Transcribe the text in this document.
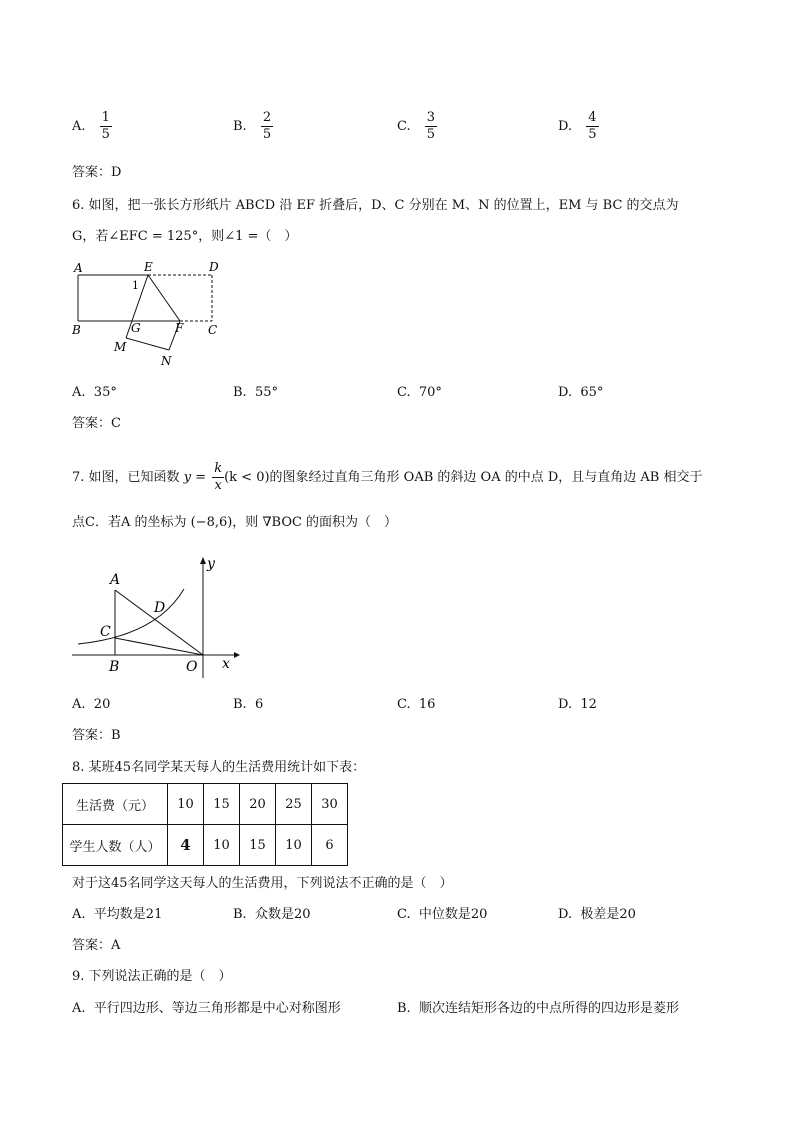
A. $\frac{1}{5}$	B. $\frac{2}{5}$	C. $\frac{3}{5}$	D. $\frac{4}{5}$
答案：D
6. 如图，把一张长方形纸片 ABCD 沿 EF 折叠后，D、C 分别在 M、N 的位置上，EM 与 BC 的交点为
G，若∠EFC = 125°，则∠1 =（　）
A	E	D
1
B	G	F C
M
N
A. 35°	B. 55°	C. 70°	D. 65°
答案：C
7. 如图，已知函数 $y = \frac{k}{x} (k < 0)$的图象经过直角三角形 OAB 的斜边 OA 的中点 D，且与直角边 AB 相交于
点C．若A 的坐标为 (−8,6)，则 ∇BOC 的面积为（　）
y
x
A
D
C
B	O
A. 20	B. 6	C. 16	D. 12
答案：B
8. 某班45名同学某天每人的生活费用统计如下表：
生活费（元）	10	15	20	25	30
学生人数（人）	4	10	15	10	6
对于这45名同学这天每人的生活费用，下列说法不正确的是（　）
A. 平均数是21	B. 众数是20	C. 中位数是20	D. 极差是20
答案：A
9. 下列说法正确的是（　）
A. 平行四边形、等边三角形都是中心对称图形	B. 顺次连结矩形各边的中点所得的四边形是菱形
